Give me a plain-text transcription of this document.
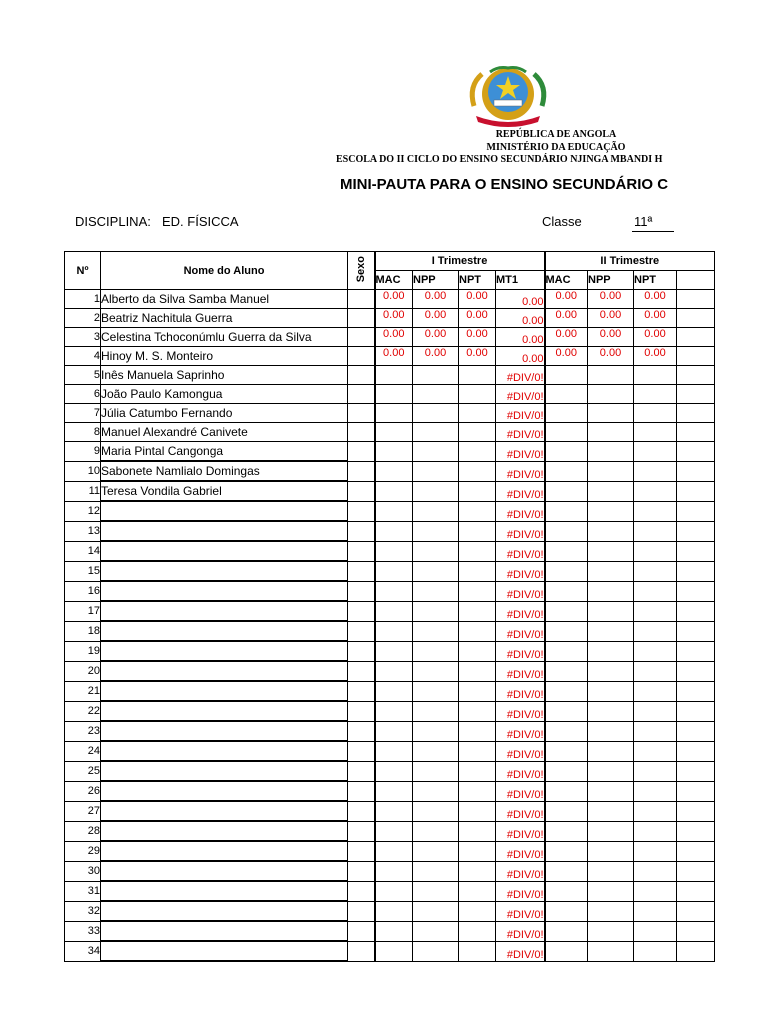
REPÚBLICA DE ANGOLA
MINISTÉRIO DA EDUCAÇÃO
ESCOLA DO II CICLO DO ENSINO SECUNDÁRIO NJINGA MBANDI H
MINI-PAUTA PARA O ENSINO SECUNDÁRIO C
DISCIPLINA: ED. FÍSICCA	Classe	11ª
Nº	Nome do Aluno	Sexo	I Trimestre				II Trimestre			
			MAC	NPP	NPT	MT1	MAC	NPP	NPT	
1	Alberto da Silva Samba Manuel		0.00	0.00	0.00	0.00	0.00	0.00	0.00	
2	Beatriz Nachitula Guerra		0.00	0.00	0.00	0.00	0.00	0.00	0.00	
3	Celestina Tchoconúmlu Guerra da Silva		0.00	0.00	0.00	0.00	0.00	0.00	0.00	
4	Hinoy M. S. Monteiro		0.00	0.00	0.00	0.00	0.00	0.00	0.00	
5	Inês Manuela Saprinho					#DIV/0!				
6	João Paulo Kamongua					#DIV/0!				
7	Júlia Catumbo Fernando					#DIV/0!				
8	Manuel Alexandré Canivete					#DIV/0!				
9	Maria Pintal Cangonga					#DIV/0!				
10	Sabonete Namlialo Domingas					#DIV/0!				
11	Teresa Vondila Gabriel					#DIV/0!				
12						#DIV/0!				
13						#DIV/0!				
14						#DIV/0!				
15						#DIV/0!				
16						#DIV/0!				
17						#DIV/0!				
18						#DIV/0!				
19						#DIV/0!				
20						#DIV/0!				
21						#DIV/0!				
22						#DIV/0!				
23						#DIV/0!				
24						#DIV/0!				
25						#DIV/0!				
26						#DIV/0!				
27						#DIV/0!				
28						#DIV/0!				
29						#DIV/0!				
30						#DIV/0!				
31						#DIV/0!				
32						#DIV/0!				
33						#DIV/0!				
34						#DIV/0!				
